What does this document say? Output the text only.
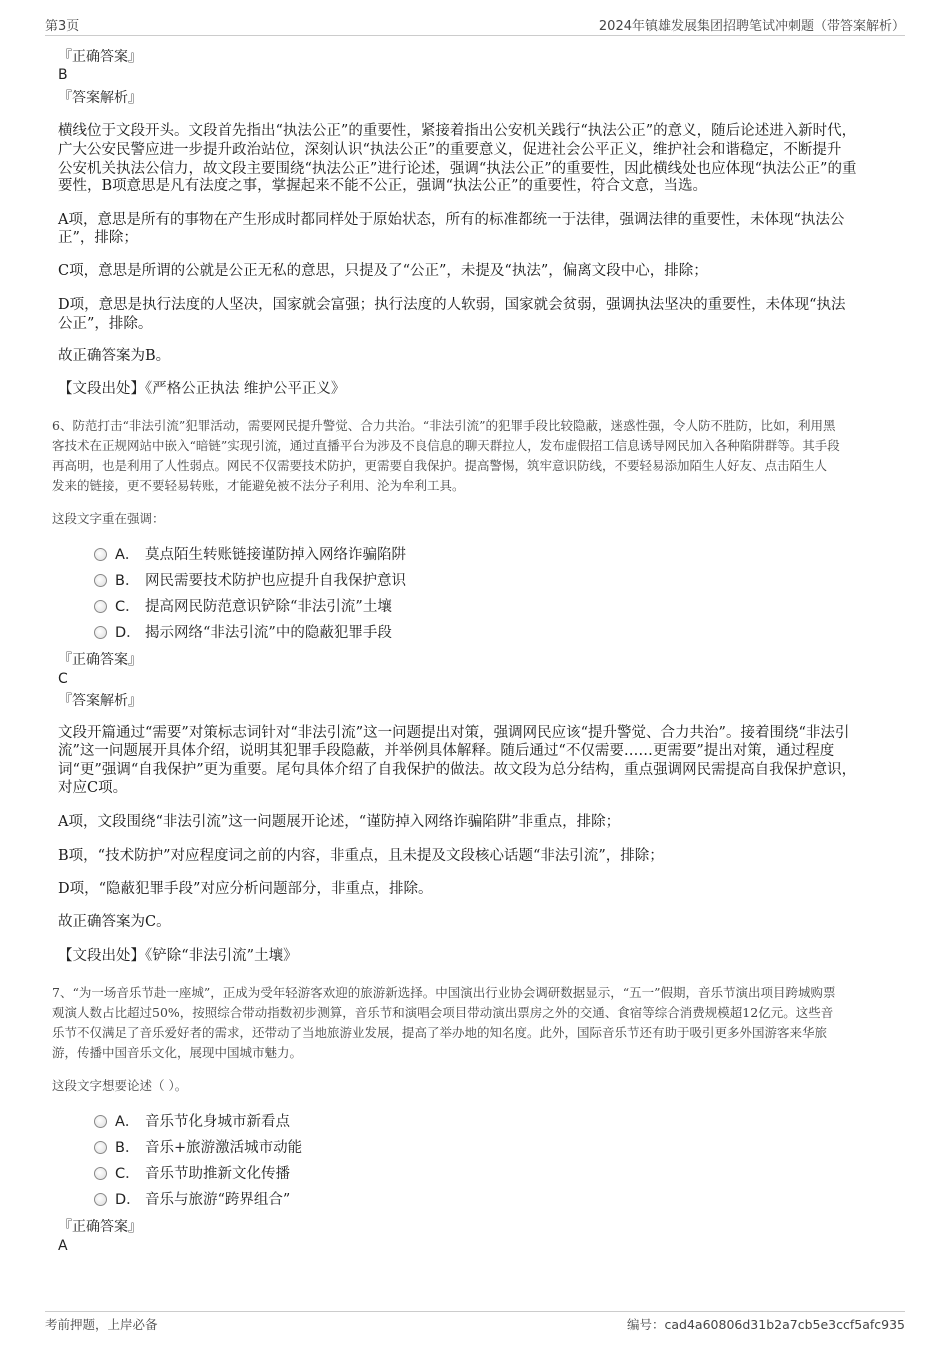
第3页	2024年镇雄发展集团招聘笔试冲刺题（带答案解析）
『正确答案』
B
『答案解析』
横线位于文段开头。文段首先指出“执法公正”的重要性，紧接着指出公安机关践行“执法公正”的意义，随后论述进入新时代，
广大公安民警应进一步提升政治站位，深刻认识“执法公正”的重要意义，促进社会公平正义，维护社会和谐稳定，不断提升
公安机关执法公信力，故文段主要围绕“执法公正”进行论述，强调“执法公正”的重要性，因此横线处也应体现“执法公正”的重
要性，B项意思是凡有法度之事，掌握起来不能不公正，强调“执法公正”的重要性，符合文意，当选。
A项，意思是所有的事物在产生形成时都同样处于原始状态，所有的标准都统一于法律，强调法律的重要性，未体现“执法公
正”，排除；
C项，意思是所谓的公就是公正无私的意思，只提及了“公正”，未提及“执法”，偏离文段中心，排除；
D项，意思是执行法度的人坚决，国家就会富强；执行法度的人软弱，国家就会贫弱，强调执法坚决的重要性，未体现“执法
公正”，排除。
故正确答案为B。
【文段出处】《严格公正执法 维护公平正义》
6、防范打击“非法引流”犯罪活动，需要网民提升警觉、合力共治。“非法引流”的犯罪手段比较隐蔽，迷惑性强，令人防不胜防，比如，利用黑
客技术在正规网站中嵌入“暗链”实现引流，通过直播平台为涉及不良信息的聊天群拉人，发布虚假招工信息诱导网民加入各种陷阱群等。其手段
再高明，也是利用了人性弱点。网民不仅需要技术防护，更需要自我保护。提高警惕，筑牢意识防线，不要轻易添加陌生人好友、点击陌生人
发来的链接，更不要轻易转账，才能避免被不法分子利用、沦为牟利工具。
这段文字重在强调：
A． 莫点陌生转账链接谨防掉入网络诈骗陷阱
B． 网民需要技术防护也应提升自我保护意识
C． 提高网民防范意识铲除“非法引流”土壤
D． 揭示网络“非法引流”中的隐蔽犯罪手段
『正确答案』
C
『答案解析』
文段开篇通过“需要”对策标志词针对“非法引流”这一问题提出对策，强调网民应该“提升警觉、合力共治”。接着围绕“非法引
流”这一问题展开具体介绍，说明其犯罪手段隐蔽，并举例具体解释。随后通过“不仅需要……更需要”提出对策，通过程度
词“更”强调“自我保护”更为重要。尾句具体介绍了自我保护的做法。故文段为总分结构，重点强调网民需提高自我保护意识，
对应C项。
A项，文段围绕“非法引流”这一问题展开论述，“谨防掉入网络诈骗陷阱”非重点，排除；
B项，“技术防护”对应程度词之前的内容，非重点，且未提及文段核心话题“非法引流”，排除；
D项，“隐蔽犯罪手段”对应分析问题部分，非重点，排除。
故正确答案为C。
【文段出处】《铲除“非法引流”土壤》
7、“为一场音乐节赴一座城”，正成为受年轻游客欢迎的旅游新选择。中国演出行业协会调研数据显示，“五一”假期，音乐节演出项目跨城购票
观演人数占比超过50%，按照综合带动指数初步测算，音乐节和演唱会项目带动演出票房之外的交通、食宿等综合消费规模超12亿元。这些音
乐节不仅满足了音乐爱好者的需求，还带动了当地旅游业发展，提高了举办地的知名度。此外，国际音乐节还有助于吸引更多外国游客来华旅
游，传播中国音乐文化，展现中国城市魅力。
这段文字想要论述（ ）。
A． 音乐节化身城市新看点
B． 音乐+旅游激活城市动能
C． 音乐节助推新文化传播
D． 音乐与旅游“跨界组合”
『正确答案』
A
考前押题，上岸必备	编号：cad4a60806d31b2a7cb5e3ccf5afc935
